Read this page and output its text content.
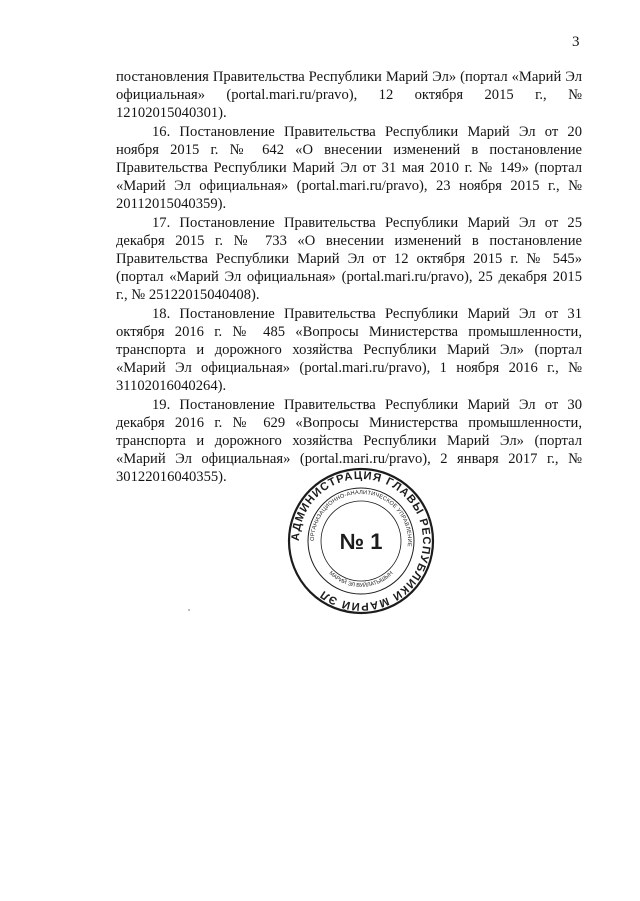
3

постановления Правительства Республики Марий Эл» (портал «Марий Эл официальная» (portal.mari.ru/pravo), 12 октября 2015 г., № 12102015040301).

16. Постановление Правительства Республики Марий Эл от 20 ноября 2015 г. № 642 «О внесении изменений в постановление Правительства Республики Марий Эл от 31 мая 2010 г. № 149» (портал «Марий Эл официальная» (portal.mari.ru/pravo), 23 ноября 2015 г., № 20112015040359).

17. Постановление Правительства Республики Марий Эл от 25 декабря 2015 г. № 733 «О внесении изменений в постановление Правительства Республики Марий Эл от 12 октября 2015 г. № 545» (портал «Марий Эл официальная» (portal.mari.ru/pravo), 25 декабря 2015 г., № 25122015040408).

18. Постановление Правительства Республики Марий Эл от 31 октября 2016 г. № 485 «Вопросы Министерства промышленности, транспорта и дорожного хозяйства Республики Марий Эл» (портал «Марий Эл официальная» (portal.mari.ru/pravo), 1 ноября 2016 г., № 31102016040264).

19. Постановление Правительства Республики Марий Эл от 30 декабря 2016 г. № 629 «Вопросы Министерства промышленности, транспорта и дорожного хозяйства Республики Марий Эл» (портал «Марий Эл официальная» (portal.mari.ru/pravo), 2 января 2017 г., № 30122016040355).

АДМИНИСТРАЦИЯ ГЛАВЫ РЕСПУБЛИКИ МАРИЙ ЭЛ
ОРГАНИЗАЦИОННО-АНАЛИТИЧЕСКОЕ УПРАВЛЕНИЕ
МАРИЙ ЭЛ ВУЙЛАТЫШЫН
№ 1
